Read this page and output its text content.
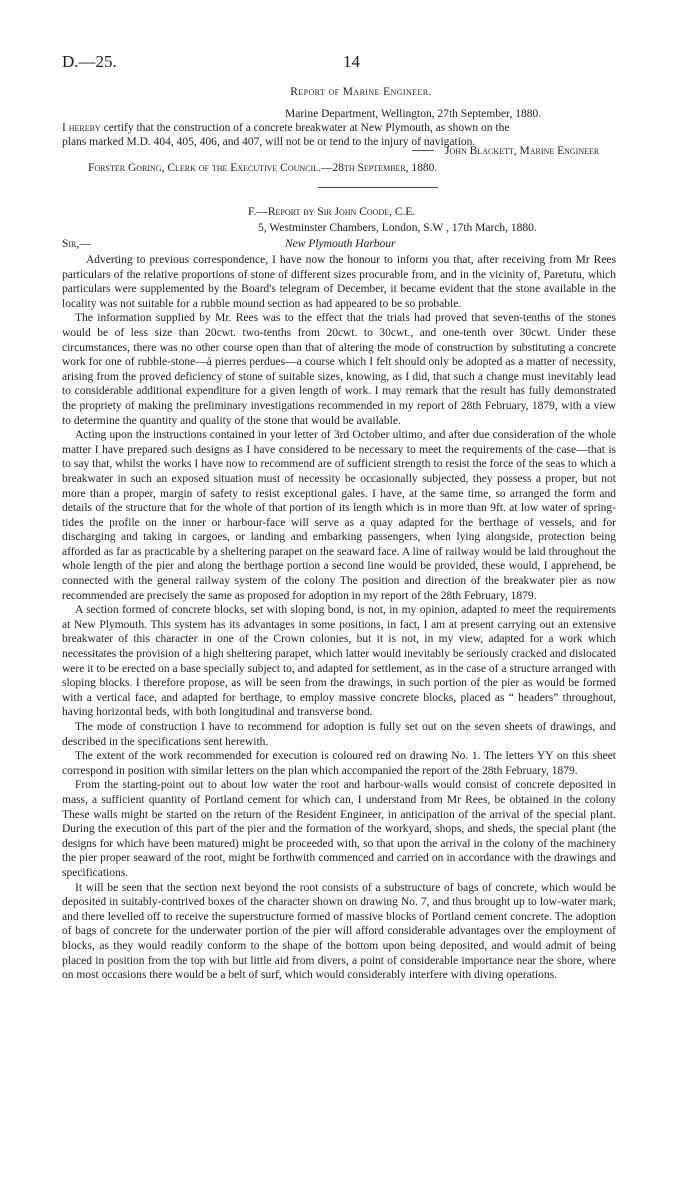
D.—25.	14
Report of Marine Engineer.
Marine Department, Wellington, 27th September, 1880.
I hereby certify that the construction of a concrete breakwater at New Plymouth, as shown on the
plans marked M.D. 404, 405, 406, and 407, will not be or tend to the injury of navigation.
John Blackett, Marine Engineer
Forster Goring, Clerk of the Executive Council.—28th September, 1880.
F.—Report by Sir John Coode, C.E.
5, Westminster Chambers, London, S.W , 17th March, 1880.
Sir,—	New Plymouth Harbour

Adverting to previous correspondence, I have now the honour to inform you that, after receiving from Mr Rees particulars of the relative proportions of stone of different sizes procurable from, and in the vicinity of, Paretutu, which particulars were supplemented by the Board's telegram of December, it became evident that the stone available in the locality was not suitable for a rubble mound section as had appeared to be so probable.

The information supplied by Mr. Rees was to the effect that the trials had proved that seven-tenths of the stones would be of less size than 20cwt. two-tenths from 20cwt. to 30cwt., and one-tenth over 30cwt. Under these circumstances, there was no other course open than that of altering the mode of construction by substituting a concrete work for one of rubble-stone—à pierres perdues—a course which I felt should only be adopted as a matter of necessity, arising from the proved deficiency of stone of suitable sizes, knowing, as I did, that such a change must inevitably lead to considerable additional expenditure for a given length of work. I may remark that the result has fully demonstrated the propriety of making the preliminary investigations recommended in my report of 28th February, 1879, with a view to determine the quantity and quality of the stone that would be available.

Acting upon the instructions contained in your letter of 3rd October ultimo, and after due consideration of the whole matter I have prepared such designs as I have considered to be necessary to meet the requirements of the case—that is to say that, whilst the works I have now to recommend are of sufficient strength to resist the force of the seas to which a breakwater in such an exposed situation must of necessity be occasionally subjected, they possess a proper, but not more than a proper, margin of safety to resist exceptional gales. I have, at the same time, so arranged the form and details of the structure that for the whole of that portion of its length which is in more than 9ft. at low water of spring-tides the profile on the inner or harbour-face will serve as a quay adapted for the berthage of vessels, and for discharging and taking in cargoes, or landing and embarking passengers, when lying alongside, protection being afforded as far as practicable by a sheltering parapet on the seaward face. A line of railway would be laid throughout the whole length of the pier and along the berthage portion a second line would be provided, these would, I apprehend, be connected with the general railway system of the colony The position and direction of the breakwater pier as now recommended are precisely the same as proposed for adoption in my report of the 28th February, 1879.

A section formed of concrete blocks, set with sloping bond, is not, in my opinion, adapted to meet the requirements at New Plymouth. This system has its advantages in some positions, in fact, I am at present carrying out an extensive breakwater of this character in one of the Crown colonies, but it is not, in my view, adapted for a work which necessitates the provision of a high sheltering parapet, which latter would inevitably be seriously cracked and dislocated were it to be erected on a base specially subject to, and adapted for settlement, as in the case of a structure arranged with sloping blocks. I therefore propose, as will be seen from the drawings, in such portion of the pier as would be formed with a vertical face, and adapted for berthage, to employ massive concrete blocks, placed as “ headers” throughout, having horizontal beds, with both longitudinal and transverse bond.

The mode of construction I have to recommend for adoption is fully set out on the seven sheets of drawings, and described in the specifications sent herewith.

The extent of the work recommended for execution is coloured red on drawing No. 1. The letters YY on this sheet correspond in position with similar letters on the plan which accompanied the report of the 28th February, 1879.

From the starting-point out to about low water the root and harbour-walls would consist of concrete deposited in mass, a sufficient quantity of Portland cement for which can, I understand from Mr Rees, be obtained in the colony These walls might be started on the return of the Resident Engineer, in anticipation of the arrival of the special plant. During the execution of this part of the pier and the formation of the workyard, shops, and sheds, the special plant (the designs for which have been matured) might be proceeded with, so that upon the arrival in the colony of the machinery the pier proper seaward of the root, might be forthwith commenced and carried on in accordance with the drawings and specifications.

It will be seen that the section next beyond the root consists of a substructure of bags of concrete, which would be deposited in suitably-contrived boxes of the character shown on drawing No. 7, and thus brought up to low-water mark, and there levelled off to receive the superstructure formed of massive blocks of Portland cement concrete. The adoption of bags of concrete for the underwater portion of the pier will afford considerable advantages over the employment of blocks, as they would readily conform to the shape of the bottom upon being deposited, and would admit of being placed in position from the top with but little aid from divers, a point of considerable importance near the shore, where on most occasions there would be a belt of surf, which would considerably interfere with diving operations.
